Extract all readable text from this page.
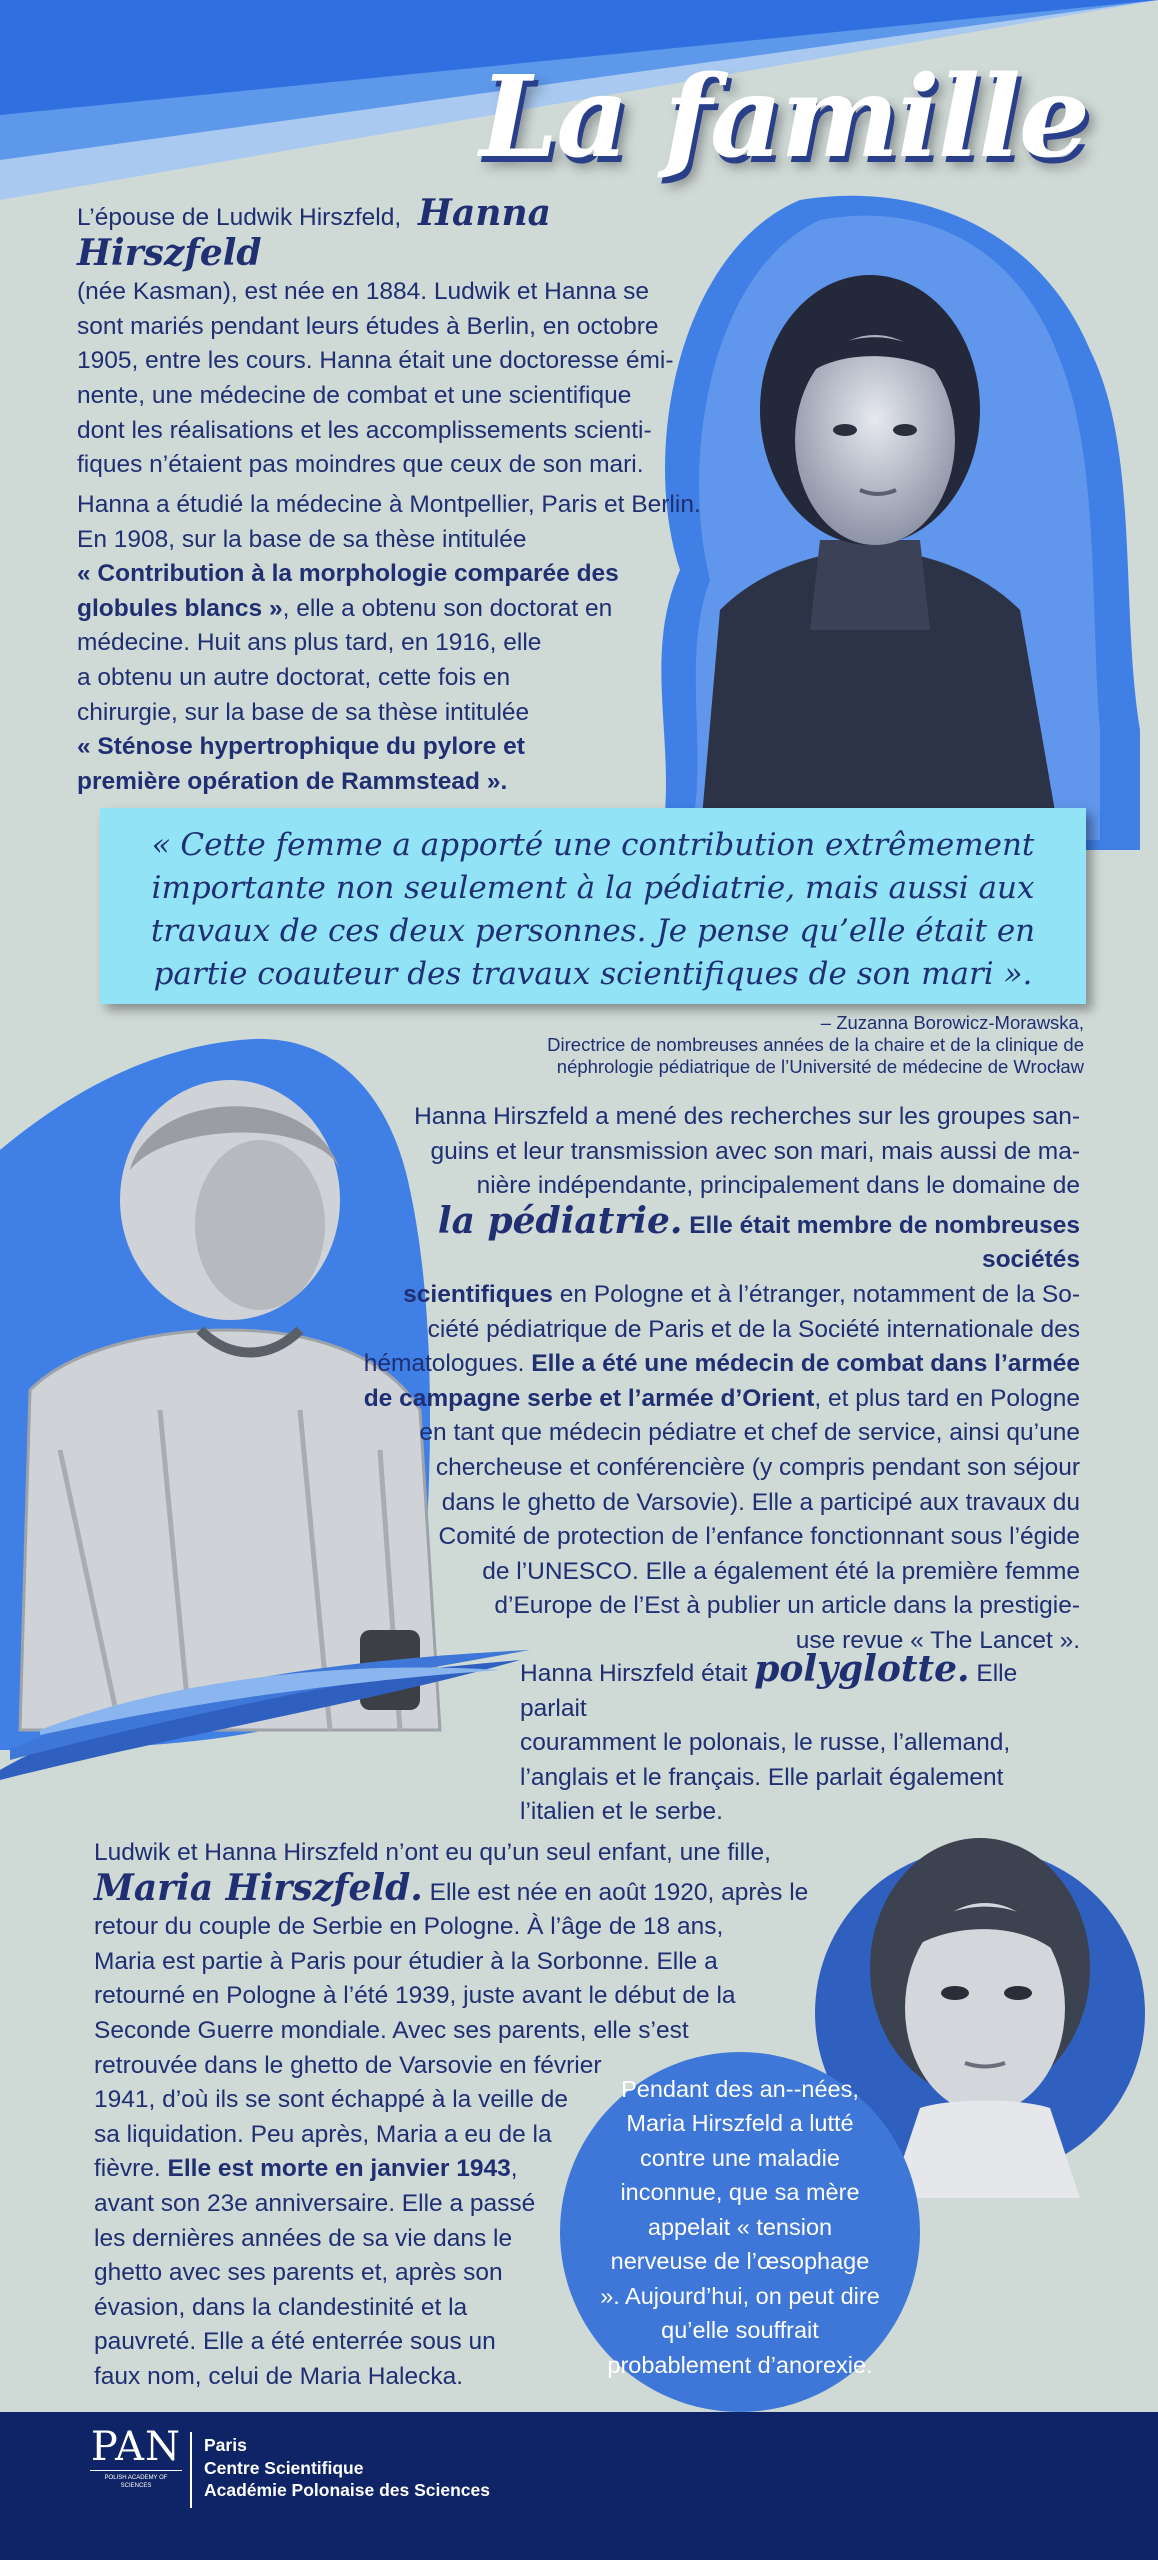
La famille
L’épouse de Ludwik Hirszfeld, Hanna Hirszfeld
(née Kasman), est née en 1884. Ludwik et Hanna se
sont mariés pendant leurs études à Berlin, en octobre
1905, entre les cours. Hanna était une doctoresse émi-
nente, une médecine de combat et une scientifique
dont les réalisations et les accomplissements scienti-
fiques n’étaient pas moindres que ceux de son mari.
Hanna a étudié la médecine à Montpellier, Paris et Berlin.
En 1908, sur la base de sa thèse intitulée
« Contribution à la morphologie comparée des
globules blancs », elle a obtenu son doctorat en
médecine. Huit ans plus tard, en 1916, elle
a obtenu un autre doctorat, cette fois en
chirurgie, sur la base de sa thèse intitulée
« Sténose hypertrophique du pylore et
première opération de Rammstead ».
« Cette femme a apporté une contribution extrêmement importante non seulement à la pédiatrie, mais aussi aux travaux de ces deux personnes. Je pense qu’elle était en partie coauteur des travaux scientifiques de son mari ».
– Zuzanna Borowicz-Morawska,
Directrice de nombreuses années de la chaire et de la clinique de
néphrologie pédiatrique de l’Université de médecine de Wrocław
Hanna Hirszfeld a mené des recherches sur les groupes san-
guins et leur transmission avec son mari, mais aussi de ma-
nière indépendante, principalement dans le domaine de
la pédiatrie. Elle était membre de nombreuses sociétés
scientifiques en Pologne et à l’étranger, notamment de la So-
ciété pédiatrique de Paris et de la Société internationale des
hématologues. Elle a été une médecin de combat dans l’armée
de campagne serbe et l’armée d’Orient, et plus tard en Pologne
en tant que médecin pédiatre et chef de service, ainsi qu’une
chercheuse et conférencière (y compris pendant son séjour
dans le ghetto de Varsovie). Elle a participé aux travaux du
Comité de protection de l’enfance fonctionnant sous l’égide
de l’UNESCO. Elle a également été la première femme
d’Europe de l’Est à publier un article dans la prestigie-
use revue « The Lancet ».
Hanna Hirszfeld était polyglotte. Elle parlait
couramment le polonais, le russe, l’allemand,
l’anglais et le français. Elle parlait également
l’italien et le serbe.
Ludwik et Hanna Hirszfeld n’ont eu qu’un seul enfant, une fille,
Maria Hirszfeld. Elle est née en août 1920, après le
retour du couple de Serbie en Pologne. À l’âge de 18 ans,
Maria est partie à Paris pour étudier à la Sorbonne. Elle a
retourné en Pologne à l’été 1939, juste avant le début de la
Seconde Guerre mondiale. Avec ses parents, elle s’est
retrouvée dans le ghetto de Varsovie en février
1941, d’où ils se sont échappé à la veille de
sa liquidation. Peu après, Maria a eu de la
fièvre. Elle est morte en janvier 1943,
avant son 23e anniversaire. Elle a passé
les dernières années de sa vie dans le
ghetto avec ses parents et, après son
évasion, dans la clandestinité et la
pauvreté. Elle a été enterrée sous un
faux nom, celui de Maria Halecka.
Pendant des an--nées, Maria Hirszfeld a lutté contre une maladie inconnue, que sa mère appelait « tension nerveuse de l’œsophage ». Aujourd’hui, on peut dire qu’elle souffrait probablement d’anorexie.
PAN
POLISH ACADEMY OF SCIENCES
Paris
Centre Scientifique
Académie Polonaise des Sciences
